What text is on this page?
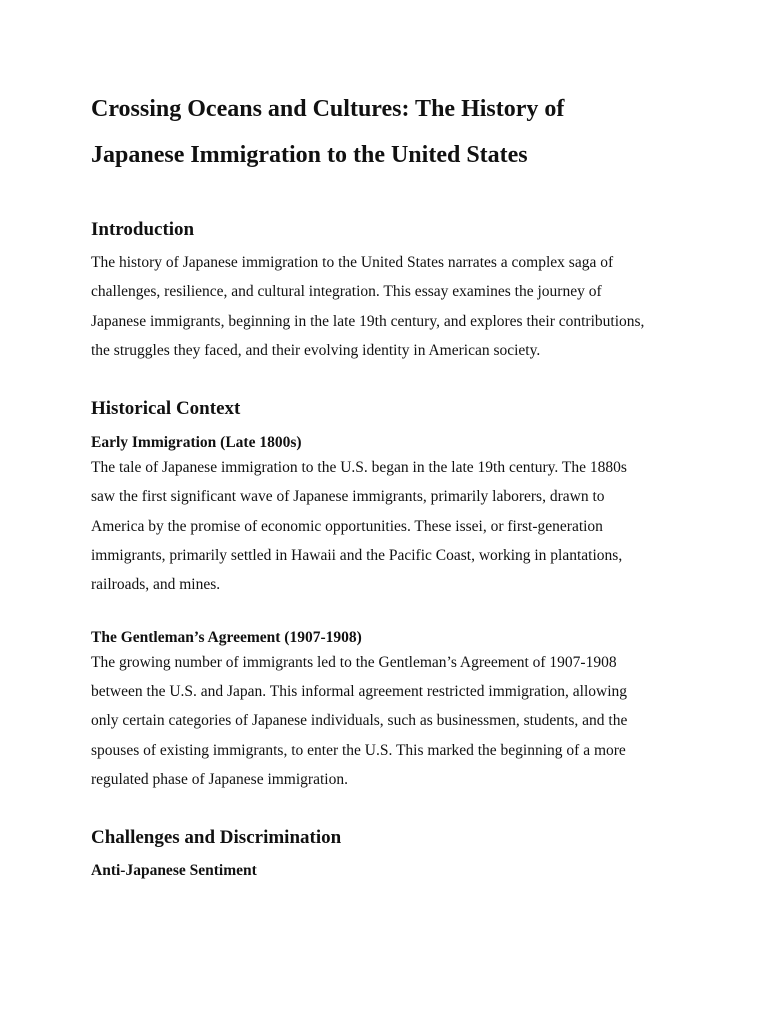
Crossing Oceans and Cultures: The History of
Japanese Immigration to the United States
Introduction

The history of Japanese immigration to the United States narrates a complex saga of
challenges, resilience, and cultural integration. This essay examines the journey of
Japanese immigrants, beginning in the late 19th century, and explores their contributions,
the struggles they faced, and their evolving identity in American society.

Historical Context
Early Immigration (Late 1800s)

The tale of Japanese immigration to the U.S. began in the late 19th century. The 1880s
saw the first significant wave of Japanese immigrants, primarily laborers, drawn to
America by the promise of economic opportunities. These issei, or first-generation
immigrants, primarily settled in Hawaii and the Pacific Coast, working in plantations,
railroads, and mines.

The Gentleman’s Agreement (1907-1908)

The growing number of immigrants led to the Gentleman’s Agreement of 1907-1908
between the U.S. and Japan. This informal agreement restricted immigration, allowing
only certain categories of Japanese individuals, such as businessmen, students, and the
spouses of existing immigrants, to enter the U.S. This marked the beginning of a more
regulated phase of Japanese immigration.

Challenges and Discrimination
Anti-Japanese Sentiment
